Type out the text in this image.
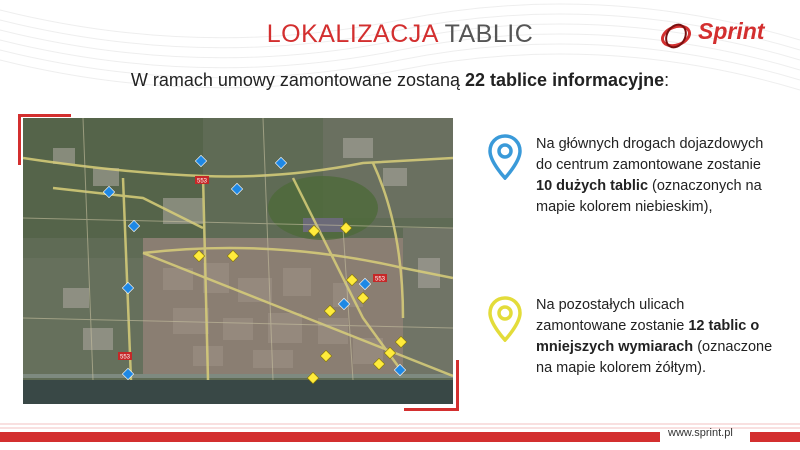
LOKALIZACJA TABLIC	Sprint
W ramach umowy zamontowane zostaną 22 tablice informacyjne:
553
553
553
Na głównych drogach dojazdowych do centrum zamontowane zostanie 10 dużych tablic (oznaczonych na mapie kolorem niebieskim),
Na pozostałych ulicach zamontowane zostanie 12 tablic o mniejszych wymiarach (oznaczone na mapie kolorem żółtym).
www.sprint.pl
